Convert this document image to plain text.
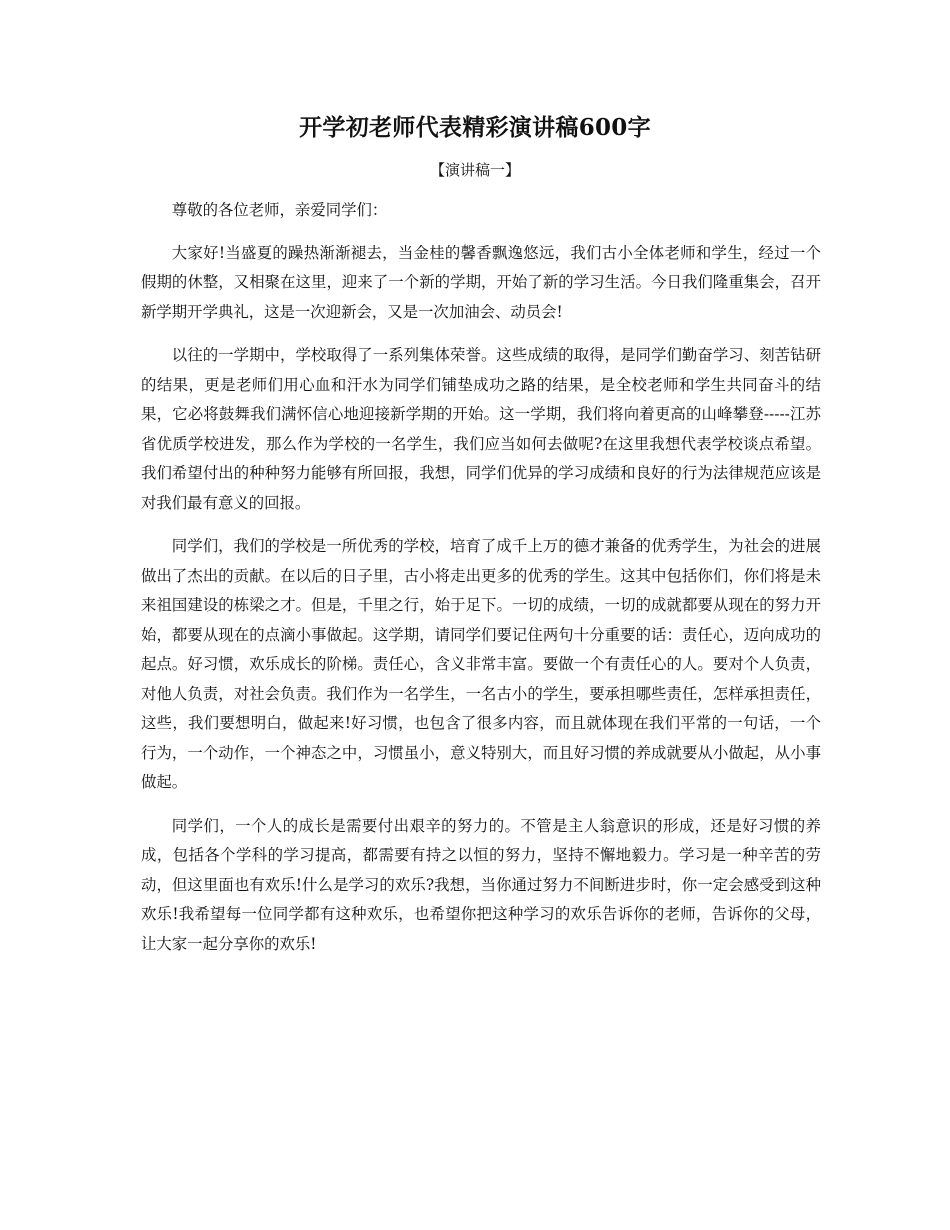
开学初老师代表精彩演讲稿600字
【演讲稿一】

尊敬的各位老师，亲爱同学们：

大家好!当盛夏的躁热渐渐褪去，当金桂的馨香飘逸悠远，我们古小全体老师和学生，经过一个假期的休整，又相聚在这里，迎来了一个新的学期，开始了新的学习生活。今日我们隆重集会，召开新学期开学典礼，这是一次迎新会，又是一次加油会、动员会!

以往的一学期中，学校取得了一系列集体荣誉。这些成绩的取得，是同学们勤奋学习、刻苦钻研的结果，更是老师们用心血和汗水为同学们铺垫成功之路的结果，是全校老师和学生共同奋斗的结果，它必将鼓舞我们满怀信心地迎接新学期的开始。这一学期，我们将向着更高的山峰攀登-----江苏省优质学校进发，那么作为学校的一名学生，我们应当如何去做呢?在这里我想代表学校谈点希望。我们希望付出的种种努力能够有所回报，我想，同学们优异的学习成绩和良好的行为法律规范应该是对我们最有意义的回报。

同学们，我们的学校是一所优秀的学校，培育了成千上万的德才兼备的优秀学生，为社会的进展做出了杰出的贡献。在以后的日子里，古小将走出更多的优秀的学生。这其中包括你们，你们将是未来祖国建设的栋梁之才。但是，千里之行，始于足下。一切的成绩，一切的成就都要从现在的努力开始，都要从现在的点滴小事做起。这学期，请同学们要记住两句十分重要的话：责任心，迈向成功的起点。好习惯，欢乐成长的阶梯。责任心，含义非常丰富。要做一个有责任心的人。要对个人负责，对他人负责，对社会负责。我们作为一名学生，一名古小的学生，要承担哪些责任，怎样承担责任，这些，我们要想明白，做起来!好习惯，也包含了很多内容，而且就体现在我们平常的一句话，一个行为，一个动作，一个神态之中，习惯虽小，意义特别大，而且好习惯的养成就要从小做起，从小事做起。

同学们，一个人的成长是需要付出艰辛的努力的。不管是主人翁意识的形成，还是好习惯的养成，包括各个学科的学习提高，都需要有持之以恒的努力，坚持不懈地毅力。学习是一种辛苦的劳动，但这里面也有欢乐!什么是学习的欢乐?我想，当你通过努力不间断进步时，你一定会感受到这种欢乐!我希望每一位同学都有这种欢乐，也希望你把这种学习的欢乐告诉你的老师，告诉你的父母，让大家一起分享你的欢乐!
